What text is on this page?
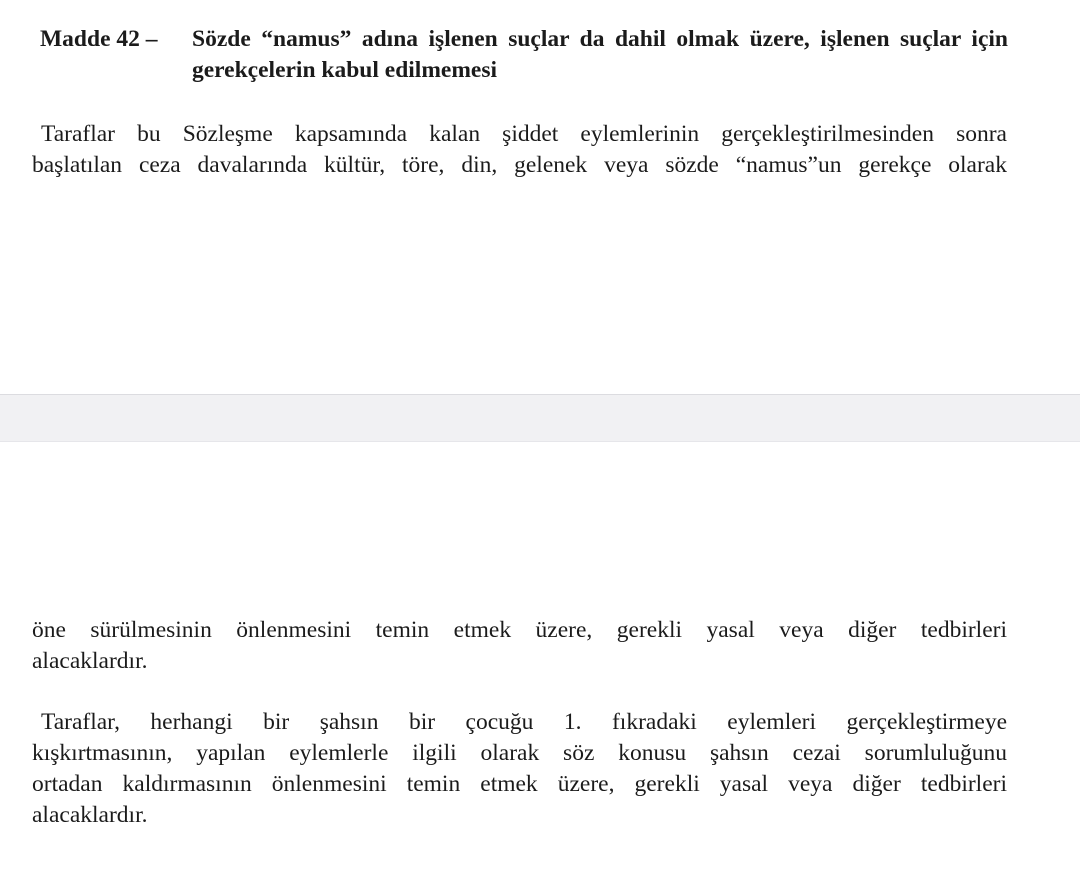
Madde 42 – Sözde “namus” adına işlenen suçlar da dahil olmak üzere, işlenen suçlar için gerekçelerin kabul edilmemesi
Taraflar bu Sözleşme kapsamında kalan şiddet eylemlerinin gerçekleştirilmesinden sonra
başlatılan ceza davalarında kültür, töre, din, gelenek veya sözde “namus”un gerekçe olarak
öne sürülmesinin önlenmesini temin etmek üzere, gerekli yasal veya diğer tedbirleri
alacaklardır.
Taraflar, herhangi bir şahsın bir çocuğu 1. fıkradaki eylemleri gerçekleştirmeye
kışkırtmasının, yapılan eylemlerle ilgili olarak söz konusu şahsın cezai sorumluluğunu
ortadan kaldırmasının önlenmesini temin etmek üzere, gerekli yasal veya diğer tedbirleri
alacaklardır.
